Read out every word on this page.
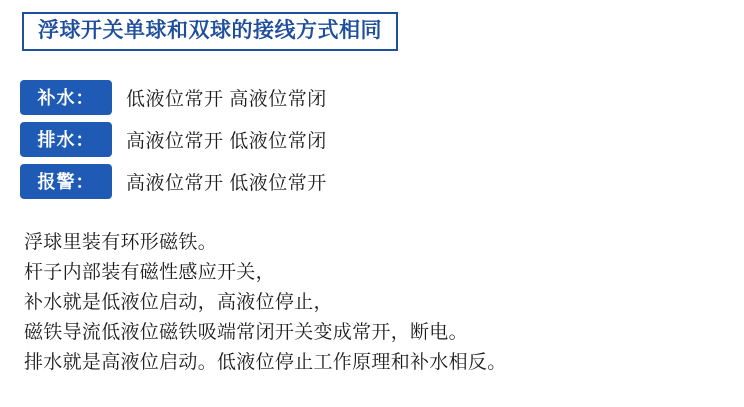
浮球开关单球和双球的接线方式相同
补水：	低液位常开 高液位常闭
排水：	高液位常开 低液位常闭
报警：	高液位常开 低液位常开
浮球里装有环形磁铁。
杆子内部装有磁性感应开关，
补水就是低液位启动，高液位停止，
磁铁导流低液位磁铁吸端常闭开关变成常开，断电。
排水就是高液位启动。低液位停止工作原理和补水相反。
